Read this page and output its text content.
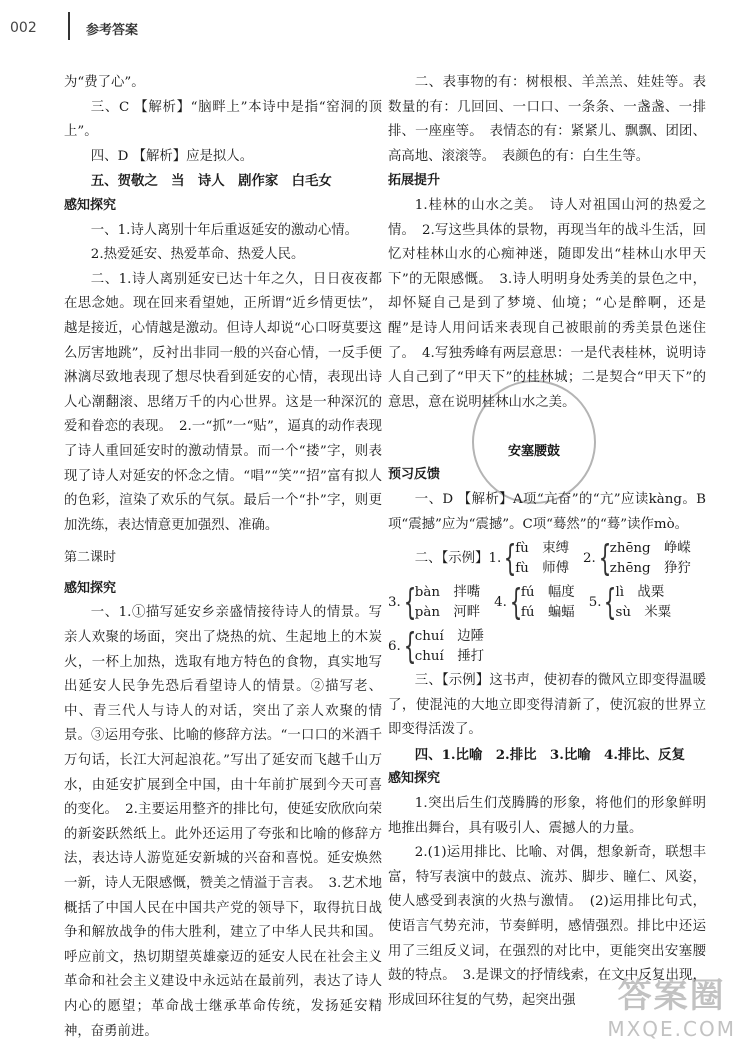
002	参考答案

为“费了心”。

三、C 【解析】“脑畔上”本诗中是指“窑洞的顶上”。

四、D 【解析】应是拟人。

五、贺敬之　当　诗人　剧作家　白毛女

感知探究

一、1.诗人离别十年后重返延安的激动心情。

2.热爱延安、热爱革命、热爱人民。

二、1.诗人离别延安已达十年之久，日日夜夜都在思念她。现在回来看望她，正所谓“近乡情更怯”，越是接近，心情越是激动。但诗人却说“心口呀莫要这么厉害地跳”，反衬出非同一般的兴奋心情，一反手便淋漓尽致地表现了想尽快看到延安的心情，表现出诗人心潮翻滚、思绪万千的内心世界。这是一种深沉的爱和眷恋的表现。　2.一“抓”一“贴”，逼真的动作表现了诗人重回延安时的激动情景。而一个“搂”字，则表现了诗人对延安的怀念之情。“唱”“笑”“招”富有拟人的色彩，渲染了欢乐的气氛。最后一个“扑”字，则更加洗练，表达情意更加强烈、准确。

第二课时

感知探究

一、1.①描写延安乡亲盛情接待诗人的情景。写亲人欢聚的场面，突出了烧热的炕、生起地上的木炭火，一杯上加热，选取有地方特色的食物，真实地写出延安人民争先恐后看望诗人的情景。②描写老、中、青三代人与诗人的对话，突出了亲人欢聚的情景。③运用夸张、比喻的修辞方法。“一口口的米酒千万句话，长江大河起浪花。”写出了延安而飞越千山万水，由延安扩展到全中国，由十年前扩展到今天可喜的变化。　2.主要运用整齐的排比句，使延安欣欣向荣的新姿跃然纸上。此外还运用了夸张和比喻的修辞方法，表达诗人游览延安新城的兴奋和喜悦。延安焕然一新，诗人无限感慨，赞美之情溢于言表。　3.艺术地概括了中国人民在中国共产党的领导下，取得抗日战争和解放战争的伟大胜利，建立了中华人民共和国。呼应前文，热切期望英雄豪迈的延安人民在社会主义革命和社会主义建设中永远站在最前列，表达了诗人内心的愿望；革命战士继承革命传统，发扬延安精神，奋勇前进。

二、表事物的有：树根根、羊羔羔、娃娃等。表数量的有：几回回、一口口、一条条、一盏盏、一排排、一座座等。　表情态的有：紧紧儿、飘飘、团团、高高地、滚滚等。　表颜色的有：白生生等。

拓展提升

1.桂林的山水之美。　诗人对祖国山河的热爱之情。　2.写这些具体的景物，再现当年的战斗生活，回忆对桂林山水的心痴神迷，随即发出“桂林山水甲天下”的无限感慨。　3.诗人明明身处秀美的景色之中，却怀疑自己是到了梦境、仙境；“心是醉啊，还是醒”是诗人用问话来表现自己被眼前的秀美景色迷住了。　4.写独秀峰有两层意思：一是代表桂林，说明诗人自己到了“甲天下”的桂林城；二是契合“甲天下”的意思，意在说明桂林山水之美。

预习反馈

一、D 【解析】A项“亢奋”的“亢”应读kàng。B项“震撼”应为“震撼”。C项“蓦然”的“蓦”读作mò。

二、【示例】1. {
fù　束缚
fù　师傅
2. {
zhēng　峥嵘
zhēng　狰狞
3. {
bàn　拌嘴
pàn　河畔
4. {
fú　幅度
fú　蝙蝠
5. {
lì　战栗
sù　米粟
6. {
chuí　边陲
chuí　捶打

三、【示例】这书声，使初春的微风立即变得温暖了，使混沌的大地立即变得清新了，使沉寂的世界立即变得活泼了。

四、1.比喻　2.排比　3.比喻　4.排比、反复

感知探究

1.突出后生们茂腾腾的形象，将他们的形象鲜明地推出舞台，具有吸引人、震撼人的力量。

2.(1)运用排比、比喻、对偶，想象新奇，联想丰富，特写表演中的鼓点、流苏、脚步、瞳仁、风姿，使人感受到表演的火热与激情。　(2)运用排比句式，使语言气势充沛，节奏鲜明，感情强烈。排比中还运用了三组反义词，在强烈的对比中，更能突出安塞腰鼓的特点。　3.是课文的抒情线索，在文中反复出现，形成回环往复的气势，起突出强

安塞腰鼓
答案圈
MXQE.COM
